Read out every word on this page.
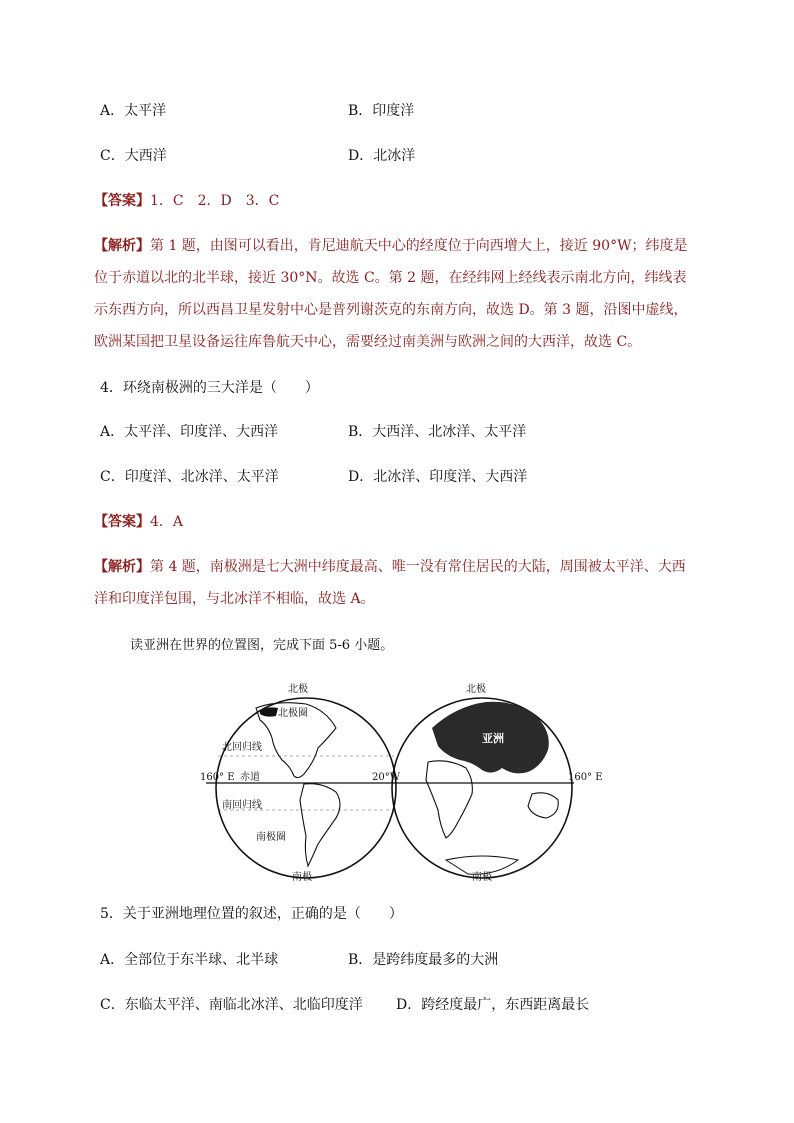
A．太平洋	B．印度洋
C．大西洋	D．北冰洋
【答案】1．C　2．D　3．C
【解析】第 1 题，由图可以看出，肯尼迪航天中心的经度位于向西增大上，接近 90°W；纬度是位于赤道以北的北半球，接近 30°N。故选 C。第 2 题，在经纬网上经线表示南北方向，纬线表示东西方向，所以西昌卫星发射中心是普列谢茨克的东南方向，故选 D。第 3 题，沿图中虚线，欧洲某国把卫星设备运往库鲁航天中心，需要经过南美洲与欧洲之间的大西洋，故选 C。
4．环绕南极洲的三大洋是（　　）
A．太平洋、印度洋、大西洋	B．大西洋、北冰洋、太平洋
C．印度洋、北冰洋、太平洋	D．北冰洋、印度洋、大西洋
【答案】4．A
【解析】第 4 题，南极洲是七大洲中纬度最高、唯一没有常住居民的大陆，周围被太平洋、大西洋和印度洋包围，与北冰洋不相临，故选 A。
读亚洲在世界的位置图，完成下面 5-6 小题。
北极	北极
北极圈
北回归线
160° E 赤道	20°W	160° E
南回归线
南极圈
南极	南极
亚洲
5．关于亚洲地理位置的叙述，正确的是（　　）
A．全部位于东半球、北半球	B．是跨纬度最多的大洲
C．东临太平洋、南临北冰洋、北临印度洋 D．跨经度最广，东西距离最长
